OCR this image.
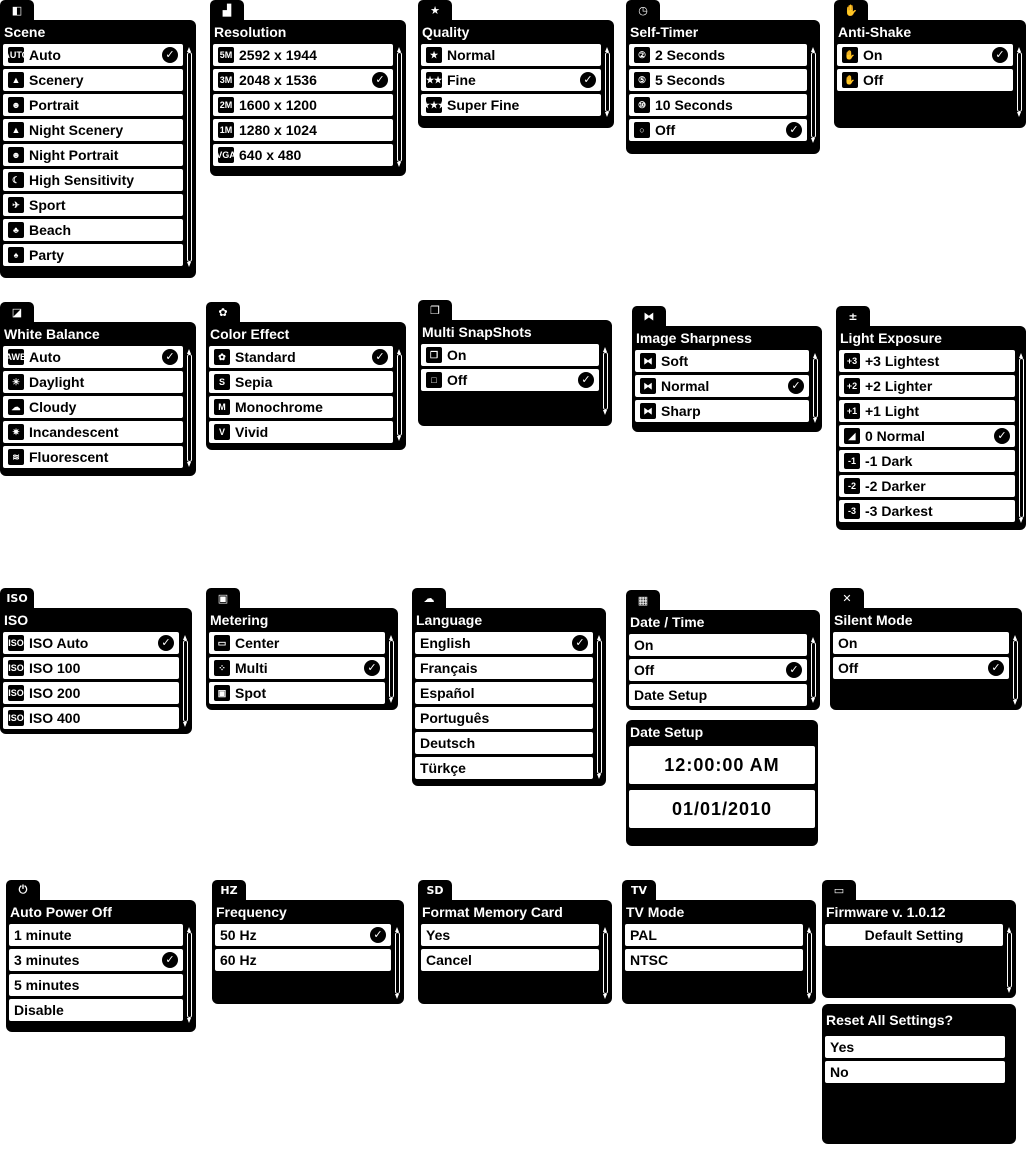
◧
Scene
AUTO Auto	✓
▲ Scenery
☻ Portrait
▲ Night Scenery
☻ Night Portrait
☾ High Sensitivity
✈ Sport
♣ Beach
♠ Party
▟
Resolution
5M 2592 x 1944
3M 2048 x 1536	✓
2M 1600 x 1200
1M 1280 x 1024
VGA 640 x 480
★
Quality
★ Normal
★★ Fine	✓
★★★ Super Fine
◷
Self-Timer
② 2 Seconds
⑤ 5 Seconds
⑩ 10 Seconds
○ Off	✓
✋
Anti-Shake
✋ On	✓
✋ Off
◪
White Balance
AWB Auto	✓
☀ Daylight
☁ Cloudy
✷ Incandescent
≋ Fluorescent
✿
Color Effect
✿ Standard	✓
S Sepia
M Monochrome
V Vivid
❐
Multi SnapShots
❐ On
□ Off	✓
⧓
Image Sharpness
⧓ Soft
⧓ Normal	✓
⧓ Sharp
±
Light Exposure
+3 +3 Lightest
+2 +2 Lighter
+1 +1 Light
◢ 0 Normal	✓
-1 -1 Dark
-2 -2 Darker
-3 -3 Darkest
ISO
ISO
ISO ISO Auto	✓
ISO ISO 100
ISO ISO 200
ISO ISO 400
▣
Metering
▭ Center
⁘ Multi	✓
▣ Spot
☁
Language
English	✓
Français
Español
Português
Deutsch
Türkçe
▦
Date / Time
On
Off	✓
Date Setup
Date Setup
12:00:00 AM
01/01/2010
✕
Silent Mode
On
Off	✓
⏻
Auto Power Off
1 minute
3 minutes	✓
5 minutes
Disable
HZ
Frequency
50 Hz	✓
60 Hz
SD
Format Memory Card
Yes
Cancel
TV
TV Mode
PAL
NTSC
▭
Firmware v. 1.0.12
Default Setting
Reset All Settings?
Yes
No
